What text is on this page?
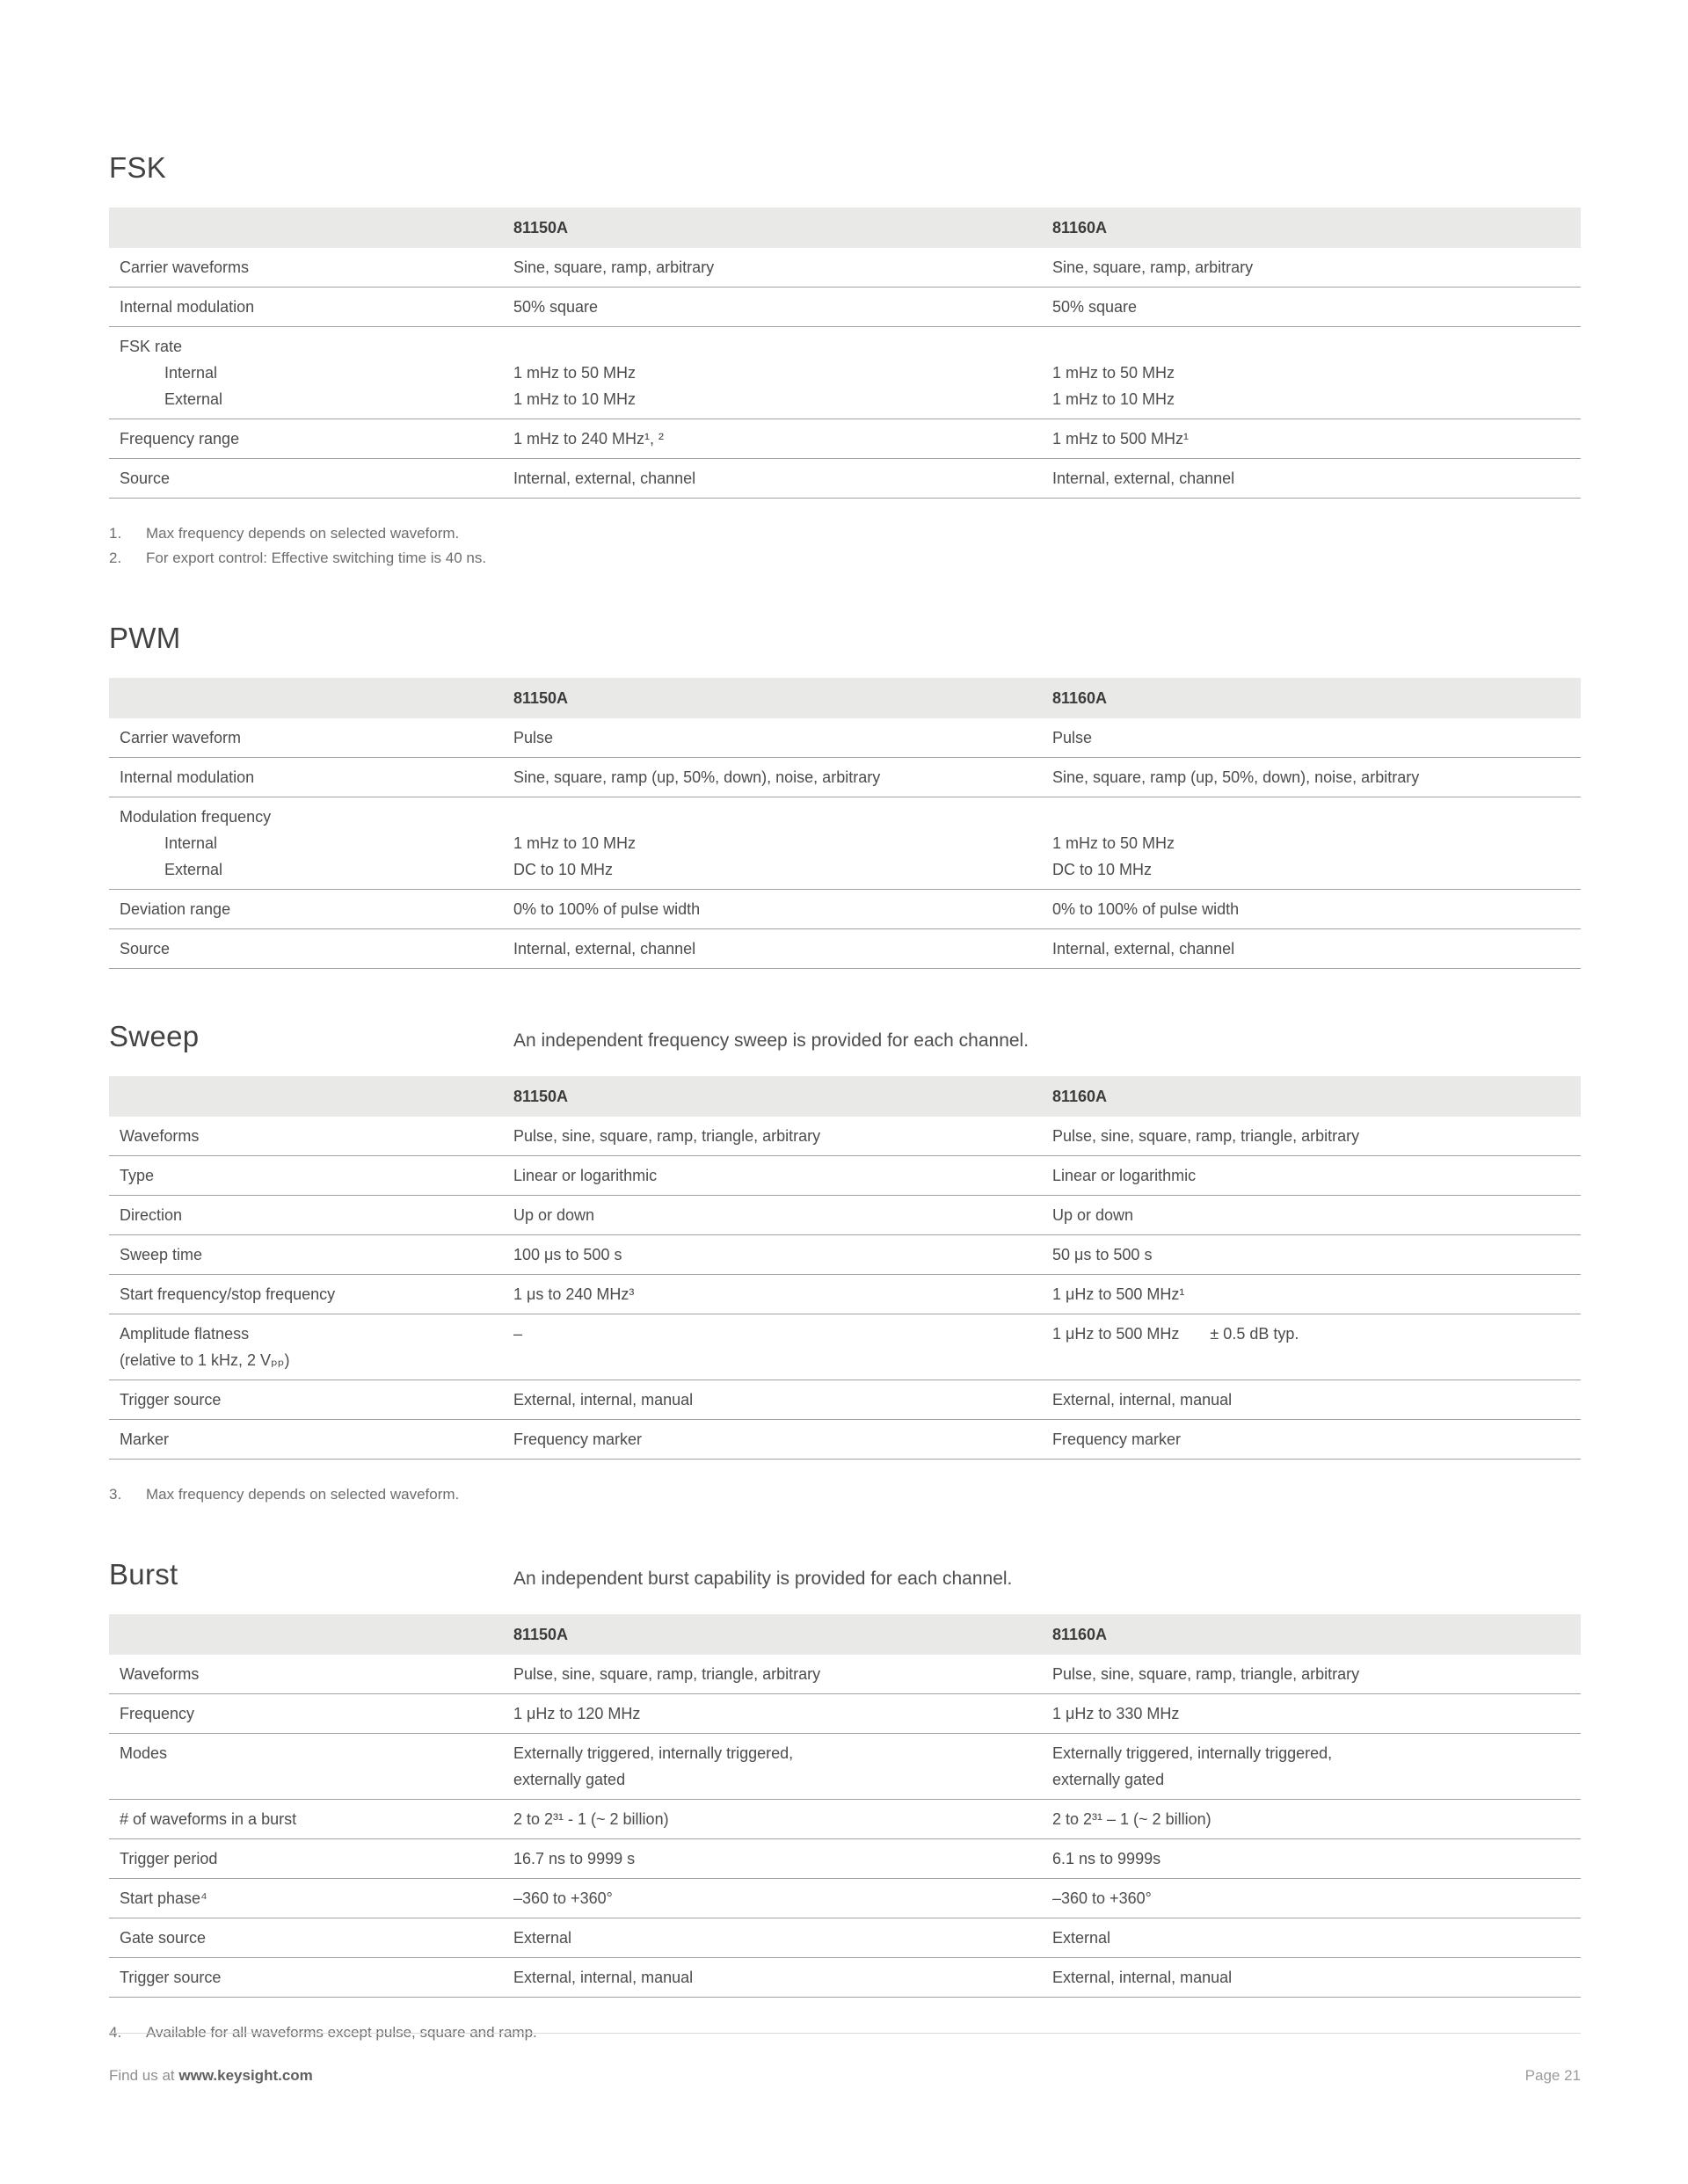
FSK

81150A	81160A
Carrier waveforms	Sine, square, ramp, arbitrary	Sine, square, ramp, arbitrary
Internal modulation	50% square	50% square
FSK rate
Internal	1 mHz to 50 MHz	1 mHz to 50 MHz
External	1 mHz to 10 MHz	1 mHz to 10 MHz
Frequency range	1 mHz to 240 MHz¹, ²	1 mHz to 500 MHz¹
Source	Internal, external, channel	Internal, external, channel
1.	Max frequency depends on selected waveform.
2.	For export control: Effective switching time is 40 ns.
PWM

81150A	81160A
Carrier waveform	Pulse	Pulse
Internal modulation	Sine, square, ramp (up, 50%, down), noise, arbitrary	Sine, square, ramp (up, 50%, down), noise, arbitrary
Modulation frequency
Internal	1 mHz to 10 MHz	1 mHz to 50 MHz
External	DC to 10 MHz	DC to 10 MHz
Deviation range	0% to 100% of pulse width	0% to 100% of pulse width
Source	Internal, external, channel	Internal, external, channel
Sweep	An independent frequency sweep is provided for each channel.

81150A	81160A
Waveforms	Pulse, sine, square, ramp, triangle, arbitrary	Pulse, sine, square, ramp, triangle, arbitrary
Type	Linear or logarithmic	Linear or logarithmic
Direction	Up or down	Up or down
Sweep time	100 μs to 500 s	50 μs to 500 s
Start frequency/stop frequency	1 μs to 240 MHz³	1 μHz to 500 MHz¹
Amplitude flatness	–	1 μHz to 500 MHz       ± 0.5 dB typ.
(relative to 1 kHz, 2 Vₚₚ)
Trigger source	External, internal, manual	External, internal, manual
Marker	Frequency marker	Frequency marker
3.	Max frequency depends on selected waveform.
Burst	An independent burst capability is provided for each channel.

81150A	81160A
Waveforms	Pulse, sine, square, ramp, triangle, arbitrary	Pulse, sine, square, ramp, triangle, arbitrary
Frequency	1 μHz to 120 MHz	1 μHz to 330 MHz
Modes	Externally triggered, internally triggered,	Externally triggered, internally triggered,
externally gated	externally gated
# of waveforms in a burst	2 to 2³¹ - 1 (~ 2 billion)	2 to 2³¹ – 1 (~ 2 billion)
Trigger period	16.7 ns to 9999 s	6.1 ns to 9999s
Start phase⁴	–360 to +360°	–360 to +360°
Gate source	External	External
Trigger source	External, internal, manual	External, internal, manual
4.	Available for all waveforms except pulse, square and ramp.
Find us at www.keysight.com	Page 21
